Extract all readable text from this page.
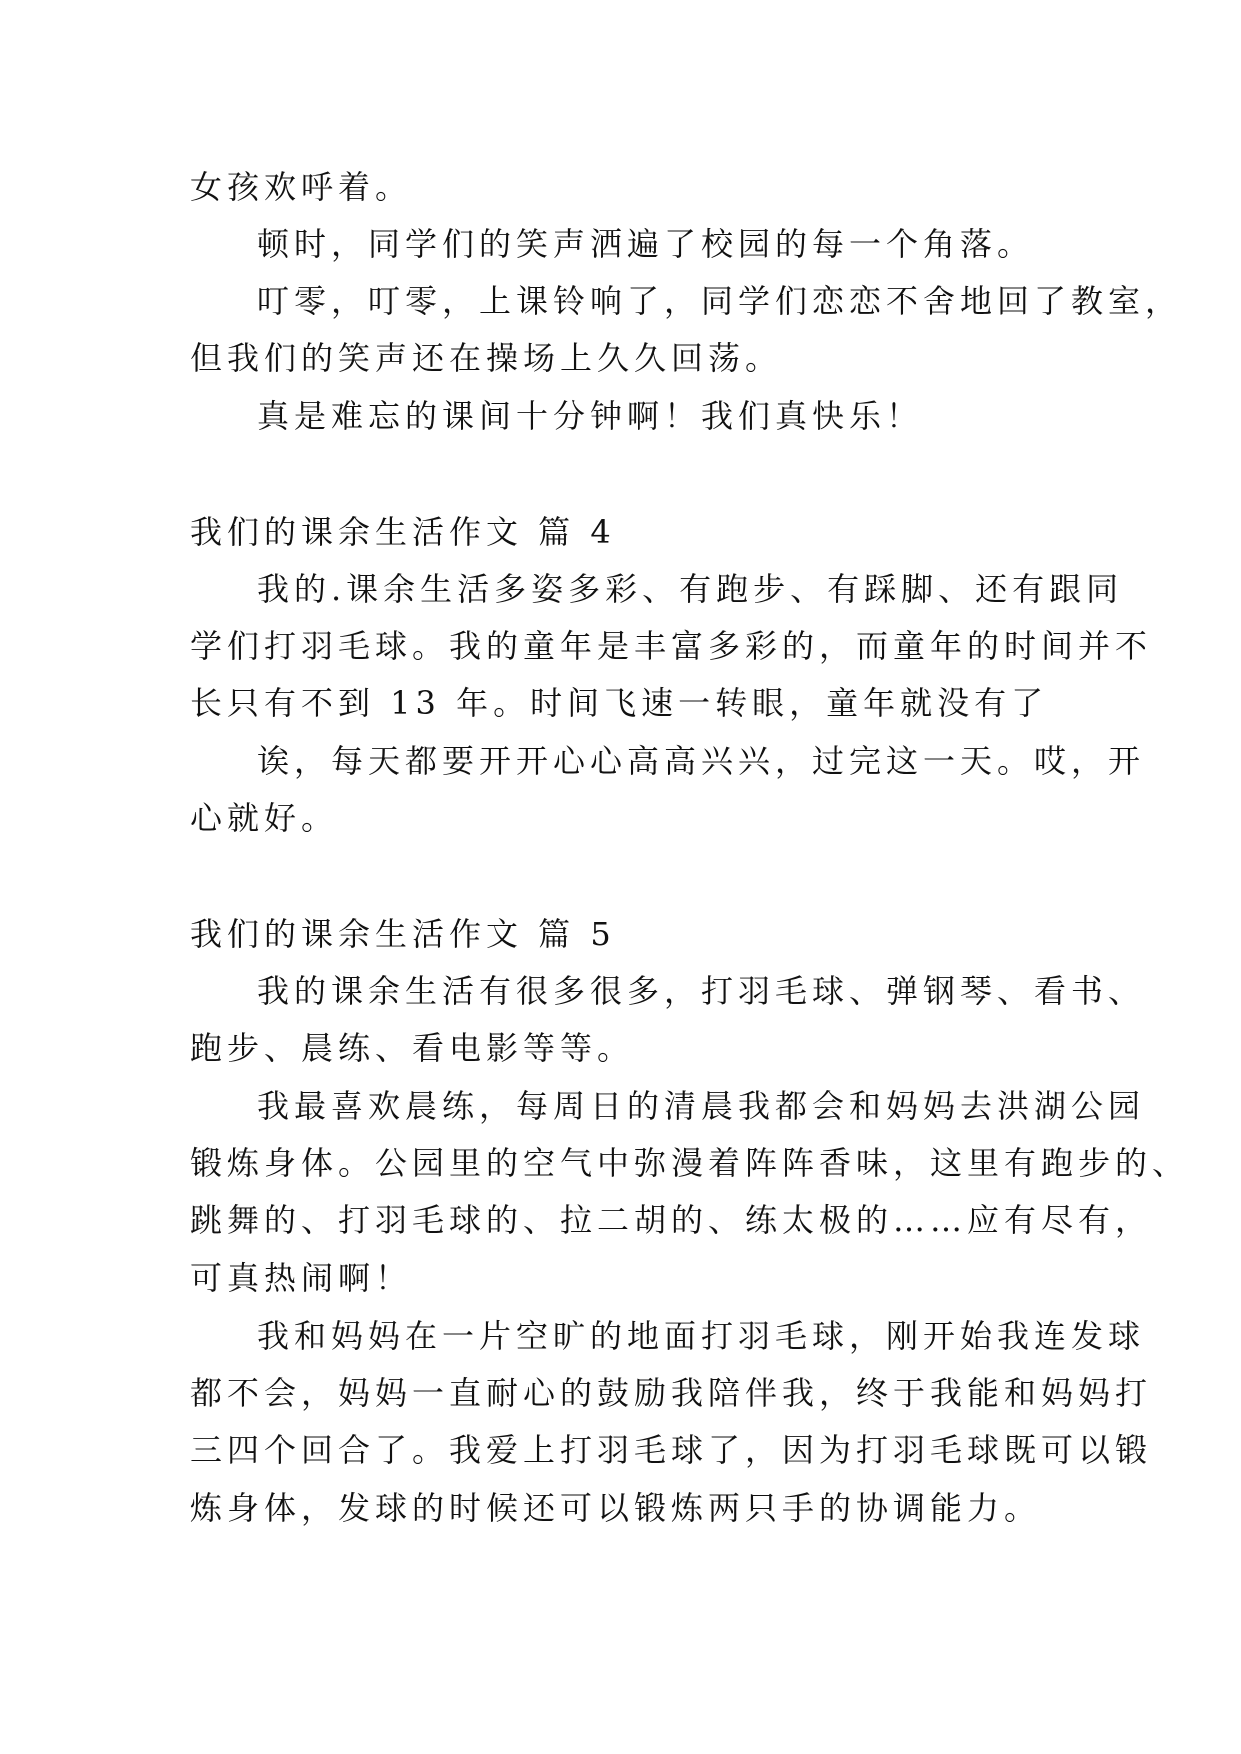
女孩欢呼着。
顿时，同学们的笑声洒遍了校园的每一个角落。
叮零，叮零，上课铃响了，同学们恋恋不舍地回了教室，
但我们的笑声还在操场上久久回荡。
真是难忘的课间十分钟啊！我们真快乐！
我们的课余生活作文 篇 4
我的.课余生活多姿多彩、有跑步、有踩脚、还有跟同
学们打羽毛球。我的童年是丰富多彩的，而童年的时间并不
长只有不到 13 年。时间飞速一转眼，童年就没有了
诶，每天都要开开心心高高兴兴，过完这一天。哎，开
心就好。
我们的课余生活作文 篇 5
我的课余生活有很多很多，打羽毛球、弹钢琴、看书、
跑步、晨练、看电影等等。
我最喜欢晨练，每周日的清晨我都会和妈妈去洪湖公园
锻炼身体。公园里的空气中弥漫着阵阵香味，这里有跑步的、
跳舞的、打羽毛球的、拉二胡的、练太极的……应有尽有，
可真热闹啊！
我和妈妈在一片空旷的地面打羽毛球，刚开始我连发球
都不会，妈妈一直耐心的鼓励我陪伴我，终于我能和妈妈打
三四个回合了。我爱上打羽毛球了，因为打羽毛球既可以锻
炼身体，发球的时候还可以锻炼两只手的协调能力。
